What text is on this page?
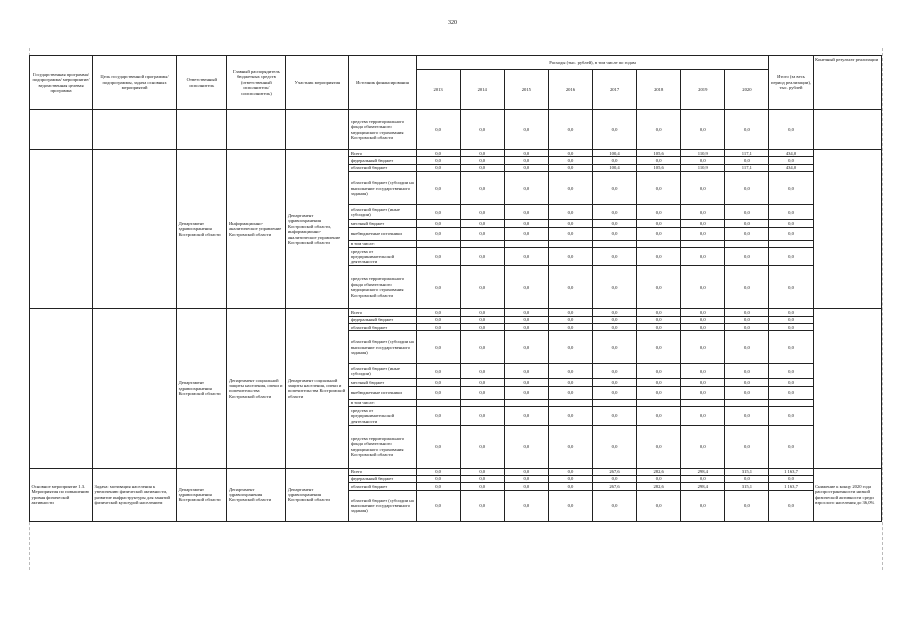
320
Государственная программа/подпрограмма/ мероприятие/ ведомственная целевая программа	Цель государственной программы/подпрограммы, задача основных мероприятий	Ответственный исполнитель	Главный распорядитель бюджетных средств (ответственный исполнитель/ соисполнитель)	Участник мероприятия	Источник финансирования	Расходы (тыс. рублей), в том числе по годам								Итого (за весь период реализации), тыс. рублей	Конечный результат реализации
						2013	2014	2015	2016	2017	2018	2019	2020		
					средства территориального фонда обязательного медицинского страхования Костромской области	0,0	0,0	0,0	0,0	0,0	0,0	0,0	0,0	0,0	
		Департамент здравоохранения Костромской области	Информационно-аналитическое управление Костромской области	Департамент здравоохранения Костромской области, информационно-аналитическое управление Костромской области	Всего	0,0	0,0	0,0	0,0	100,4	105,6	110,9	117,1	434,0	
					федеральный бюджет	0,0	0,0	0,0	0,0	0,0	0,0	0,0	0,0	0,0	
					областной бюджет	0,0	0,0	0,0	0,0	100,4	105,6	110,9	117,1	434,0	
					областной бюджет (субсидии на выполнение государственного задания)	0,0	0,0	0,0	0,0	0,0	0,0	0,0	0,0	0,0	
					областной бюджет (иные субсидии)	0,0	0,0	0,0	0,0	0,0	0,0	0,0	0,0	0,0	
					местный бюджет	0,0	0,0	0,0	0,0	0,0	0,0	0,0	0,0	0,0	
					внебюджетные источники	0,0	0,0	0,0	0,0	0,0	0,0	0,0	0,0	0,0	
					в том числе:										
					средства от предпринимательской деятельности	0,0	0,0	0,0	0,0	0,0	0,0	0,0	0,0	0,0	
					средства территориального фонда обязательного медицинского страхования Костромской области	0,0	0,0	0,0	0,0	0,0	0,0	0,0	0,0	0,0	
		Департамент здравоохранения Костромской области	Департамент социальной защиты населения, опеки и попечительства Костромской области	Департамент социальной защиты населения, опеки и попечительства Костромской области	Всего	0,0	0,0	0,0	0,0	0,0	0,0	0,0	0,0	0,0	
					федеральный бюджет	0,0	0,0	0,0	0,0	0,0	0,0	0,0	0,0	0,0	
					областной бюджет	0,0	0,0	0,0	0,0	0,0	0,0	0,0	0,0	0,0	
					областной бюджет (субсидии на выполнение государственного задания)	0,0	0,0	0,0	0,0	0,0	0,0	0,0	0,0	0,0	
					областной бюджет (иные субсидии)	0,0	0,0	0,0	0,0	0,0	0,0	0,0	0,0	0,0	
					местный бюджет	0,0	0,0	0,0	0,0	0,0	0,0	0,0	0,0	0,0	
					внебюджетные источники	0,0	0,0	0,0	0,0	0,0	0,0	0,0	0,0	0,0	
					в том числе:										
					средства от предпринимательской деятельности	0,0	0,0	0,0	0,0	0,0	0,0	0,0	0,0	0,0	
					средства территориального фонда обязательного медицинского страхования Костромской области	0,0	0,0	0,0	0,0	0,0	0,0	0,0	0,0	0,0	
Основное мероприятие 1.3. Мероприятия по повышению уровня физической активности	Задача: мотивация населения к увеличению физической активности, развитие инфраструктуры для занятий физической культурой населением	Департамент здравоохранения Костромской области	Департамент здравоохранения Костромской области	Департамент здравоохранения Костромской области	Всего	0,0	0,0	0,0	0,0	267,6	282,6	298,4	315,1	1 163,7	Снижение к концу 2020 года распространенности низкой физической активности среди взрослого населения до 36,0%
					федеральный бюджет	0,0	0,0	0,0	0,0	0,0	0,0	0,0	0,0	0,0	
					областной бюджет	0,0	0,0	0,0	0,0	267,6	282,6	298,4	315,1	1 163,7	
					областной бюджет (субсидии на выполнение государственного задания)	0,0	0,0	0,0	0,0	0,0	0,0	0,0	0,0	0,0	
